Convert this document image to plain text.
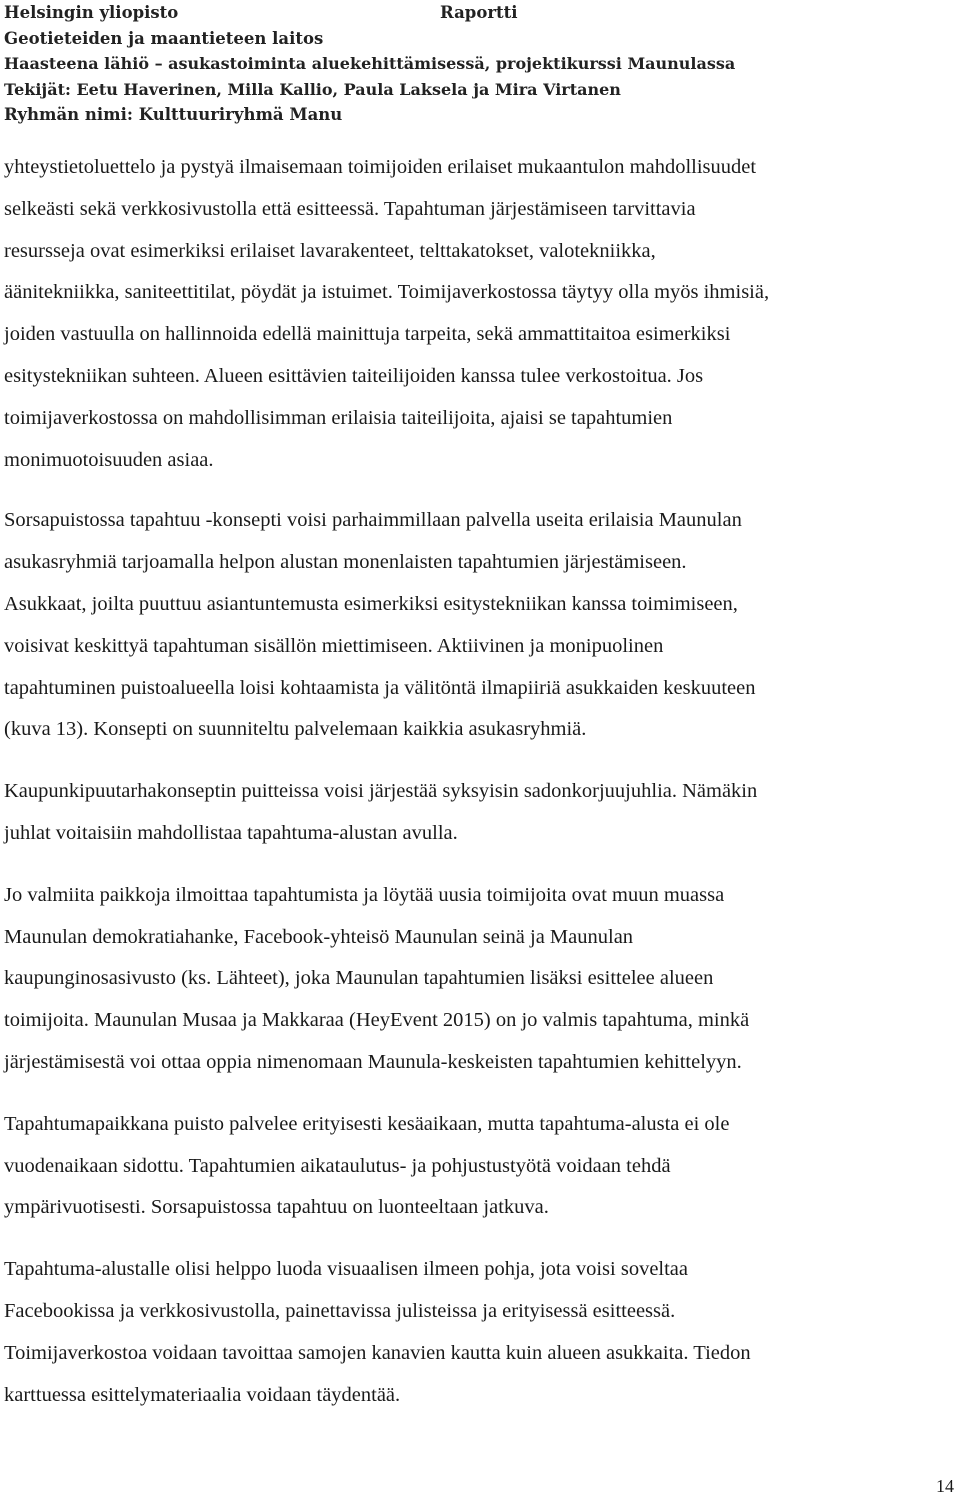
Helsingin yliopisto	Raportti
Geotieteiden ja maantieteen laitos
Haasteena lähiö – asukastoiminta aluekehittämisessä, projektikurssi Maunulassa
Tekijät: Eetu Haverinen, Milla Kallio, Paula Laksela ja Mira Virtanen
Ryhmän nimi: Kulttuuriryhmä Manu

yhteystietoluettelo ja pystyä ilmaisemaan toimijoiden erilaiset mukaantulon mahdollisuudet
selkeästi sekä verkkosivustolla että esitteessä. Tapahtuman järjestämiseen tarvittavia
resursseja ovat esimerkiksi erilaiset lavarakenteet, telttakatokset, valotekniikka,
äänitekniikka, saniteettitilat, pöydät ja istuimet. Toimijaverkostossa täytyy olla myös ihmisiä,
joiden vastuulla on hallinnoida edellä mainittuja tarpeita, sekä ammattitaitoa esimerkiksi
esitystekniikan suhteen. Alueen esittävien taiteilijoiden kanssa tulee verkostoitua. Jos
toimijaverkostossa on mahdollisimman erilaisia taiteilijoita, ajaisi se tapahtumien
monimuotoisuuden asiaa.

Sorsapuistossa tapahtuu -konsepti voisi parhaimmillaan palvella useita erilaisia Maunulan
asukasryhmiä tarjoamalla helpon alustan monenlaisten tapahtumien järjestämiseen.
Asukkaat, joilta puuttuu asiantuntemusta esimerkiksi esitystekniikan kanssa toimimiseen,
voisivat keskittyä tapahtuman sisällön miettimiseen. Aktiivinen ja monipuolinen
tapahtuminen puistoalueella loisi kohtaamista ja välitöntä ilmapiiriä asukkaiden keskuuteen
(kuva 13). Konsepti on suunniteltu palvelemaan kaikkia asukasryhmiä.

Kaupunkipuutarhakonseptin puitteissa voisi järjestää syksyisin sadonkorjuujuhlia. Nämäkin
juhlat voitaisiin mahdollistaa tapahtuma-alustan avulla.

Jo valmiita paikkoja ilmoittaa tapahtumista ja löytää uusia toimijoita ovat muun muassa
Maunulan demokratiahanke, Facebook-yhteisö Maunulan seinä ja Maunulan
kaupunginosasivusto (ks. Lähteet), joka Maunulan tapahtumien lisäksi esittelee alueen
toimijoita. Maunulan Musaa ja Makkaraa (HeyEvent 2015) on jo valmis tapahtuma, minkä
järjestämisestä voi ottaa oppia nimenomaan Maunula-keskeisten tapahtumien kehittelyyn.

Tapahtumapaikkana puisto palvelee erityisesti kesäaikaan, mutta tapahtuma-alusta ei ole
vuodenaikaan sidottu. Tapahtumien aikataulutus- ja pohjustustyötä voidaan tehdä
ympärivuotisesti. Sorsapuistossa tapahtuu on luonteeltaan jatkuva.

Tapahtuma-alustalle olisi helppo luoda visuaalisen ilmeen pohja, jota voisi soveltaa
Facebookissa ja verkkosivustolla, painettavissa julisteissa ja erityisessä esitteessä.
Toimijaverkostoa voidaan tavoittaa samojen kanavien kautta kuin alueen asukkaita. Tiedon
karttuessa esittelymateriaalia voidaan täydentää.

14
